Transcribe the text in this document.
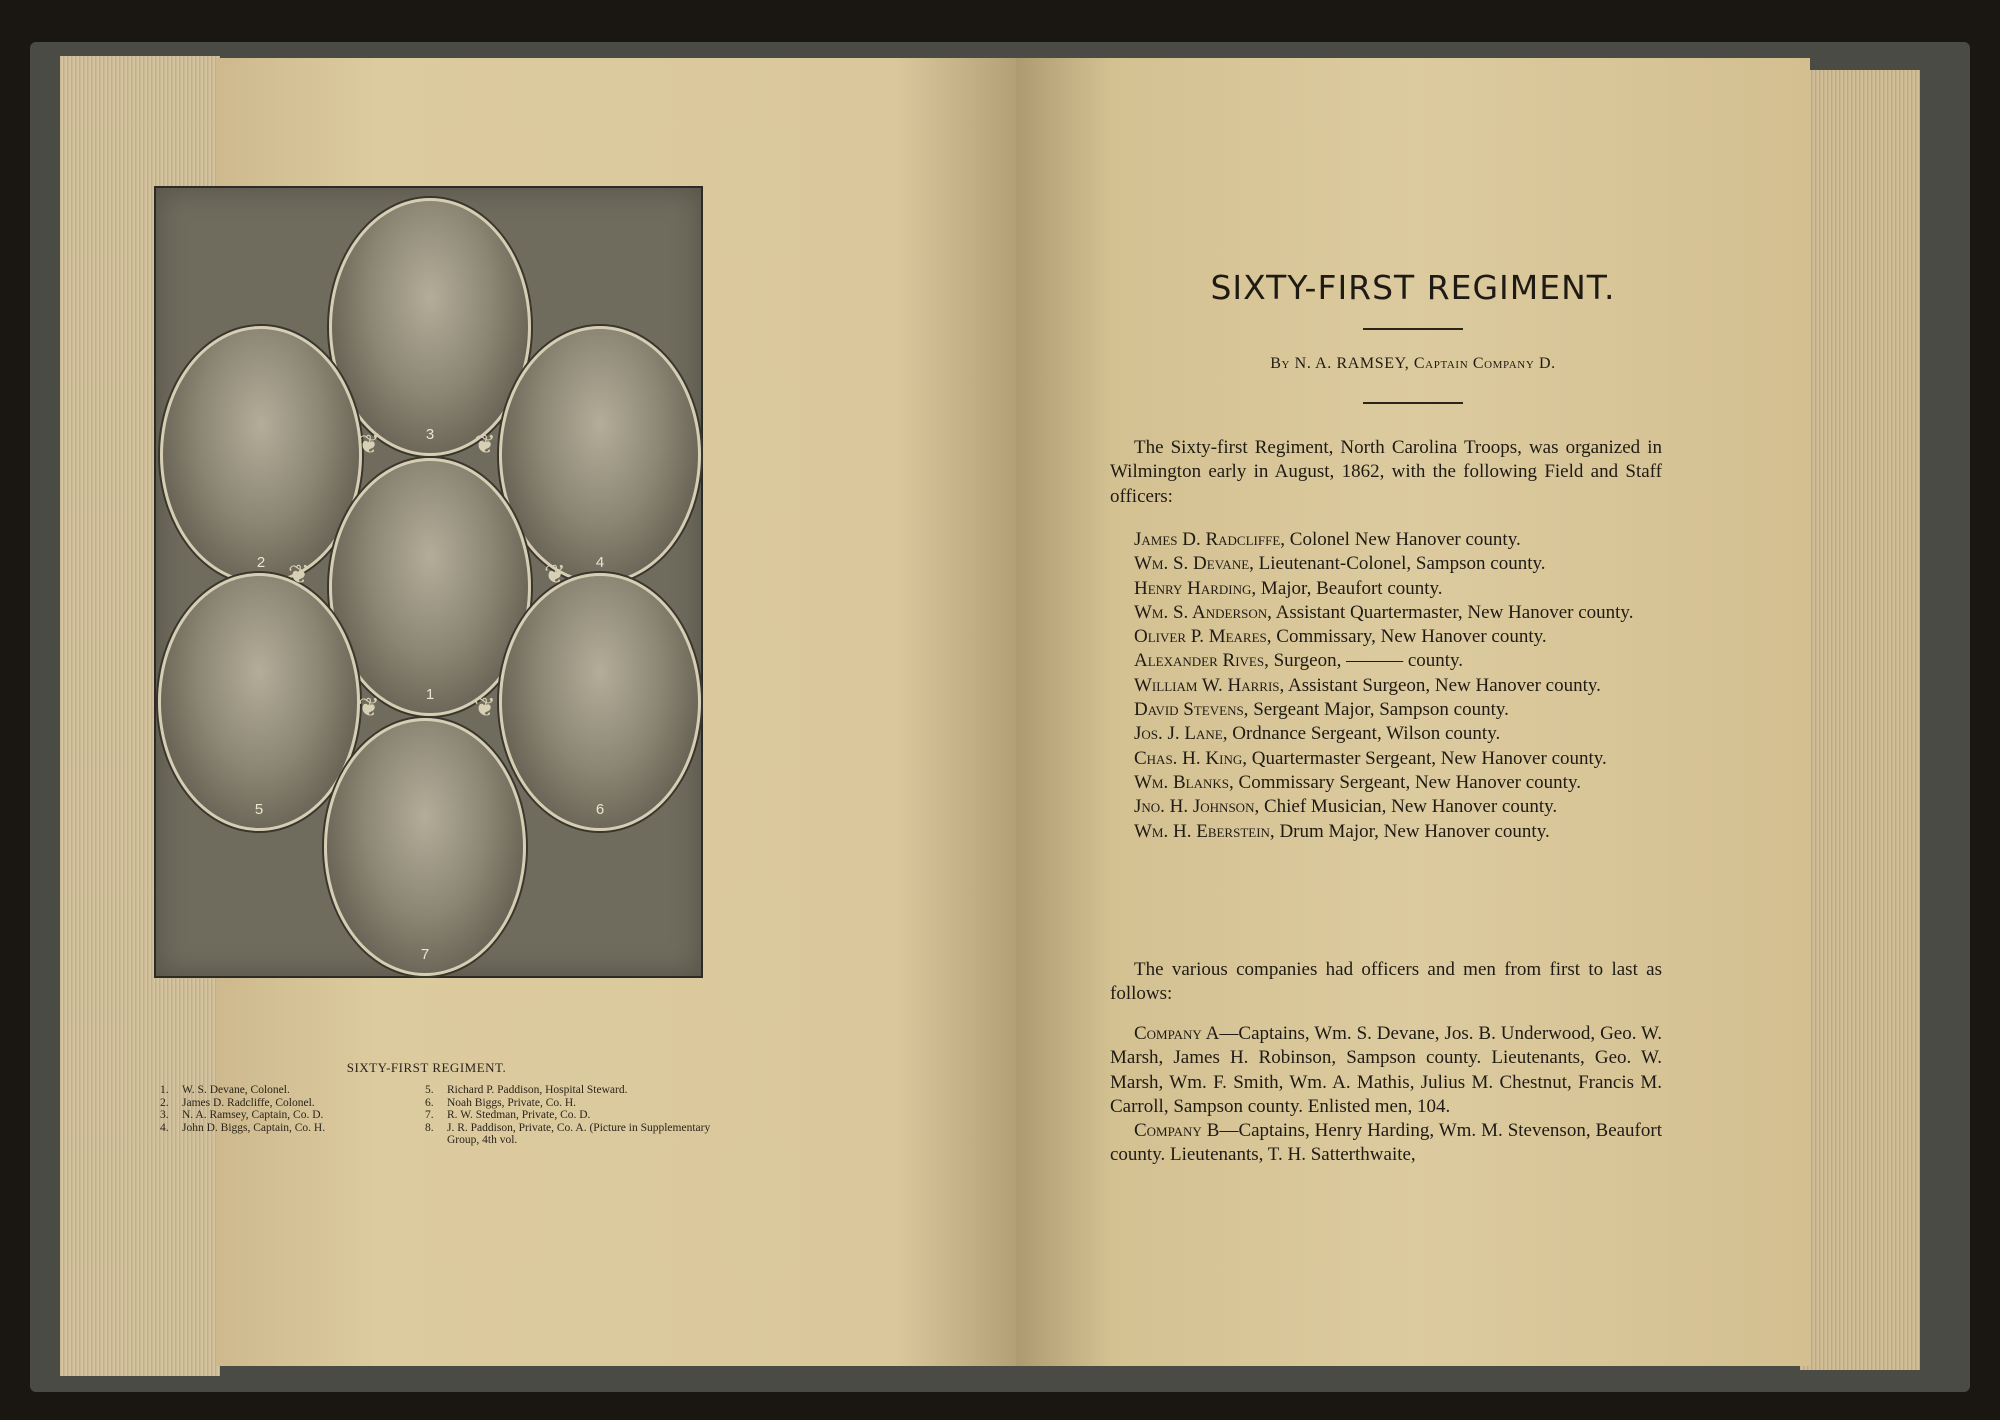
3
2	4
1
5	6
7
❦	❦
❦	❦
❦	❦
SIXTY-FIRST REGIMENT.
1.	W. S. Devane, Colonel.
2.	James D. Radcliffe, Colonel.
3.	N. A. Ramsey, Captain, Co. D.
4.	John D. Biggs, Captain, Co. H.
5.	Richard P. Paddison, Hospital Steward.
6.	Noah Biggs, Private, Co. H.
7.	R. W. Stedman, Private, Co. D.
8.	J. R. Paddison, Private, Co. A. (Picture in Supplementary Group, 4th vol.
SIXTY-FIRST REGIMENT.
By N. A. RAMSEY, Captain Company D.

The Sixty-first Regiment, North Carolina Troops, was organized in Wilmington early in August, 1862, with the following Field and Staff officers:

James D. Radcliffe, Colonel New Hanover county.

Wm. S. Devane, Lieutenant-Colonel, Sampson county.

Henry Harding, Major, Beaufort county.

Wm. S. Anderson, Assistant Quartermaster, New Hanover county.

Oliver P. Meares, Commissary, New Hanover county.

Alexander Rives, Surgeon, ——— county.

William W. Harris, Assistant Surgeon, New Hanover county.

David Stevens, Sergeant Major, Sampson county.

Jos. J. Lane, Ordnance Sergeant, Wilson county.

Chas. H. King, Quartermaster Sergeant, New Hanover county.

Wm. Blanks, Commissary Sergeant, New Hanover county.

Jno. H. Johnson, Chief Musician, New Hanover county.

Wm. H. Eberstein, Drum Major, New Hanover county.

The various companies had officers and men from first to last as follows:

Company A—Captains, Wm. S. Devane, Jos. B. Underwood, Geo. W. Marsh, James H. Robinson, Sampson county. Lieutenants, Geo. W. Marsh, Wm. F. Smith, Wm. A. Mathis, Julius M. Chestnut, Francis M. Carroll, Sampson county. Enlisted men, 104.

Company B—Captains, Henry Harding, Wm. M. Stevenson, Beaufort county. Lieutenants, T. H. Satterthwaite,
